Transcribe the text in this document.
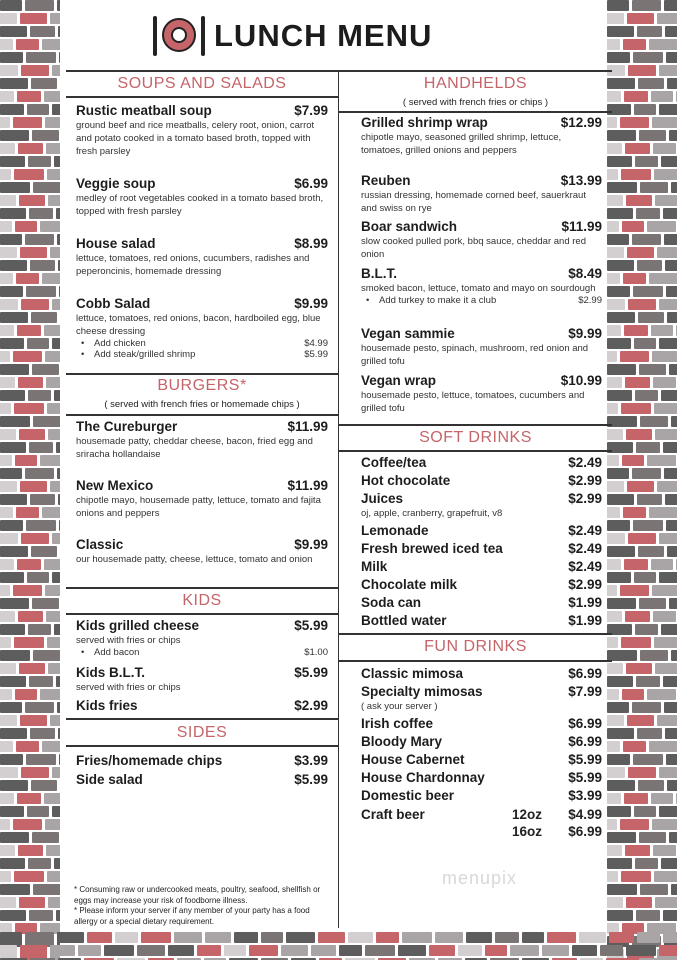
LUNCH MENU
SOUPS AND SALADS
Rustic meatball soup	$7.99
ground beef and rice meatballs, celery root, onion, carrot and potato cooked in a tomato based broth, topped with fresh parsley
Veggie soup	$6.99
medley of root vegetables cooked in a tomato based broth, topped with fresh parsley
House salad	$8.99
lettuce, tomatoes, red onions, cucumbers, radishes and peperoncinis, homemade dressing
Cobb Salad	$9.99
lettuce, tomatoes, red onions, bacon, hardboiled egg, blue cheese dressing
• Add chicken	$4.99
• Add steak/grilled shrimp	$5.99
BURGERS*
( served with french fries or homemade chips )
The Cureburger	$11.99
housemade patty, cheddar cheese, bacon, fried egg and sriracha hollandaise
New Mexico	$11.99
chipotle mayo, housemade patty, lettuce, tomato and fajita onions and peppers
Classic	$9.99
our housemade patty, cheese, lettuce, tomato and onion
KIDS
Kids grilled cheese	$5.99
served with fries or chips
• Add bacon	$1.00
Kids B.L.T.	$5.99
served with fries or chips
Kids fries	$2.99
SIDES
Fries/homemade chips	$3.99
Side salad	$5.99
HANDHELDS
( served with french fries or chips )
Grilled shrimp wrap	$12.99
chipotle mayo, seasoned grilled shrimp, lettuce, tomatoes, grilled onions and peppers
Reuben	$13.99
russian dressing, homemade corned beef, sauerkraut and swiss on rye
Boar sandwich	$11.99
slow cooked pulled pork, bbq sauce, cheddar and red onion
B.L.T.	$8.49
smoked bacon, lettuce, tomato and mayo on sourdough
• Add turkey to make it a club	$2.99
Vegan sammie	$9.99
housemade pesto, spinach, mushroom, red onion and grilled tofu
Vegan wrap	$10.99
housemade pesto, lettuce, tomatoes, cucumbers and grilled tofu
SOFT DRINKS
Coffee/tea	$2.49
Hot chocolate	$2.99
Juices	$2.99
oj, apple, cranberry, grapefruit, v8
Lemonade	$2.49
Fresh brewed iced tea	$2.49
Milk	$2.49
Chocolate milk	$2.99
Soda can	$1.99
Bottled water	$1.99
FUN DRINKS
Classic mimosa	$6.99
Specialty mimosas	$7.99
( ask your server )
Irish coffee	$6.99
Bloody Mary	$6.99
House Cabernet	$5.99
House Chardonnay	$5.99
Domestic beer	$3.99
Craft beer	12oz $4.99
16oz $6.99
menupix
* Consuming raw or undercooked meats, poultry, seafood, shellfish or eggs may increase your risk of foodborne illness.
* Please inform your server if any member of your party has a food allergy or a special dietary requirement.
